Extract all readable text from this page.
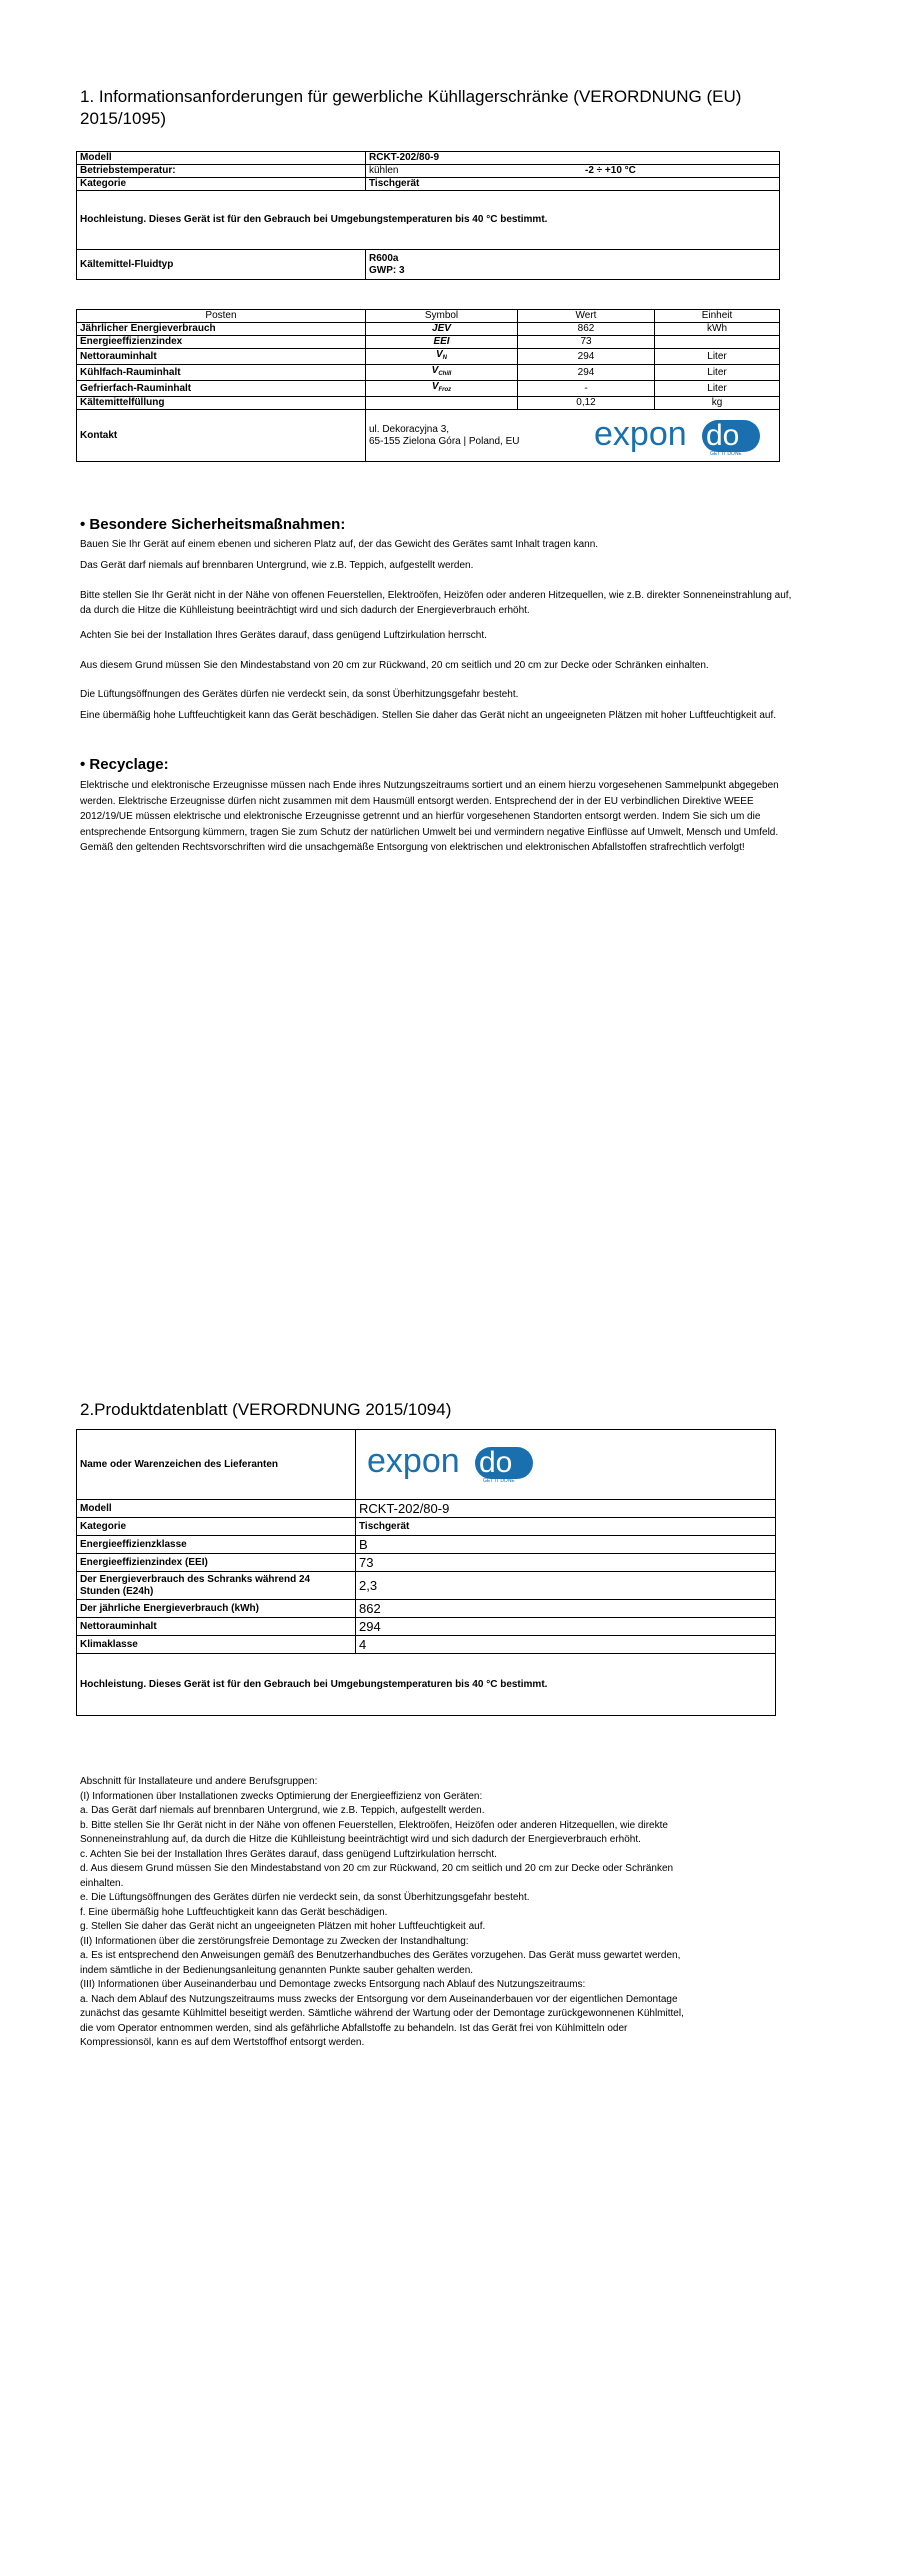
1. Informationsanforderungen für gewerbliche Kühllagerschränke (VERORDNUNG (EU) 2015/1095)
Modell	RCKT-202/80-9	
Betriebstemperatur:	kühlen	-2 ÷ +10 °C
Kategorie	Tischgerät	
Hochleistung. Dieses Gerät ist für den Gebrauch bei Umgebungstemperaturen bis 40 °C bestimmt.		
Kältemittel-Fluidtyp	R600a
GWP: 3	
Posten	Symbol	Wert	Einheit
Jährlicher Energieverbrauch	JEV	862	kWh
Energieeffizienzindex	EEI	73	
Nettorauminhalt	$V_N$	294	Liter
Kühlfach-Rauminhalt	$V_{Chill}$	294	Liter
Gefrierfach-Rauminhalt	$V_{Froz}$	-	Liter
Kältemittelfüllung		0,12	kg
Kontakt	ul. Dekoracyjna 3,
65-155 Zielona Góra | Poland, EU expon do
GET IT DONE		
• Besondere Sicherheitsmaßnahmen:
Bauen Sie Ihr Gerät auf einem ebenen und sicheren Platz auf, der das Gewicht des Gerätes samt Inhalt tragen kann.
Das Gerät darf niemals auf brennbaren Untergrund, wie z.B. Teppich, aufgestellt werden.
Bitte stellen Sie Ihr Gerät nicht in der Nähe von offenen Feuerstellen, Elektroöfen, Heizöfen oder anderen Hitzequellen, wie z.B. direkter Sonneneinstrahlung auf, da durch die Hitze die Kühlleistung beeinträchtigt wird und sich dadurch der Energieverbrauch erhöht.
Achten Sie bei der Installation Ihres Gerätes darauf, dass genügend Luftzirkulation herrscht.
Aus diesem Grund müssen Sie den Mindestabstand von 20 cm zur Rückwand, 20 cm seitlich und 20 cm zur Decke oder Schränken einhalten.
Die Lüftungsöffnungen des Gerätes dürfen nie verdeckt sein, da sonst Überhitzungsgefahr besteht.
Eine übermäßig hohe Luftfeuchtigkeit kann das Gerät beschädigen. Stellen Sie daher das Gerät nicht an ungeeigneten Plätzen mit hoher Luftfeuchtigkeit auf.
• Recyclage:
Elektrische und elektronische Erzeugnisse müssen nach Ende ihres Nutzungszeitraums sortiert und an einem hierzu vorgesehenen Sammelpunkt abgegeben werden. Elektrische Erzeugnisse dürfen nicht zusammen mit dem Hausmüll entsorgt werden. Entsprechend der in der EU verbindlichen Direktive WEEE 2012/19/UE müssen elektrische und elektronische Erzeugnisse getrennt und an hierfür vorgesehenen Standorten entsorgt werden. Indem Sie sich um die entsprechende Entsorgung kümmern, tragen Sie zum Schutz der natürlichen Umwelt bei und vermindern negative Einflüsse auf Umwelt, Mensch und Umfeld. Gemäß den geltenden Rechtsvorschriften wird die unsachgemäße Entsorgung von elektrischen und elektronischen Abfallstoffen strafrechtlich verfolgt!
2.Produktdatenblatt (VERORDNUNG 2015/1094)
Name oder Warenzeichen des Lieferanten	expon do
GET IT DONE

Modell	RCKT-202/80-9
Kategorie	Tischgerät
Energieeffizienzklasse	B
Energieeffizienzindex (EEI)	73
Der Energieverbrauch des Schranks während 24 Stunden (E24h)	2,3
Der jährliche Energieverbrauch (kWh)	862
Nettorauminhalt	294
Klimaklasse	4
Hochleistung. Dieses Gerät ist für den Gebrauch bei Umgebungstemperaturen bis 40 °C bestimmt.	
Abschnitt für Installateure und andere Berufsgruppen:
(I) Informationen über Installationen zwecks Optimierung der Energieeffizienz von Geräten:
a. Das Gerät darf niemals auf brennbaren Untergrund, wie z.B. Teppich, aufgestellt werden.
b. Bitte stellen Sie Ihr Gerät nicht in der Nähe von offenen Feuerstellen, Elektroöfen, Heizöfen oder anderen Hitzequellen, wie direkte
Sonneneinstrahlung auf, da durch die Hitze die Kühlleistung beeinträchtigt wird und sich dadurch der Energieverbrauch erhöht.
c. Achten Sie bei der Installation Ihres Gerätes darauf, dass genügend Luftzirkulation herrscht.
d. Aus diesem Grund müssen Sie den Mindestabstand von 20 cm zur Rückwand, 20 cm seitlich und 20 cm zur Decke oder Schränken
einhalten.
e. Die Lüftungsöffnungen des Gerätes dürfen nie verdeckt sein, da sonst Überhitzungsgefahr besteht.
f. Eine übermäßig hohe Luftfeuchtigkeit kann das Gerät beschädigen.
g. Stellen Sie daher das Gerät nicht an ungeeigneten Plätzen mit hoher Luftfeuchtigkeit auf.
(II) Informationen über die zerstörungsfreie Demontage zu Zwecken der Instandhaltung:
a. Es ist entsprechend den Anweisungen gemäß des Benutzerhandbuches des Gerätes vorzugehen. Das Gerät muss gewartet werden,
indem sämtliche in der Bedienungsanleitung genannten Punkte sauber gehalten werden.
(III) Informationen über Auseinanderbau und Demontage zwecks Entsorgung nach Ablauf des Nutzungszeitraums:
a. Nach dem Ablauf des Nutzungszeitraums muss zwecks der Entsorgung vor dem Auseinanderbauen vor der eigentlichen Demontage
zunächst das gesamte Kühlmittel beseitigt werden. Sämtliche während der Wartung oder der Demontage zurückgewonnenen Kühlmittel,
die vom Operator entnommen werden, sind als gefährliche Abfallstoffe zu behandeln. Ist das Gerät frei von Kühlmitteln oder
Kompressionsöl, kann es auf dem Wertstoffhof entsorgt werden.
